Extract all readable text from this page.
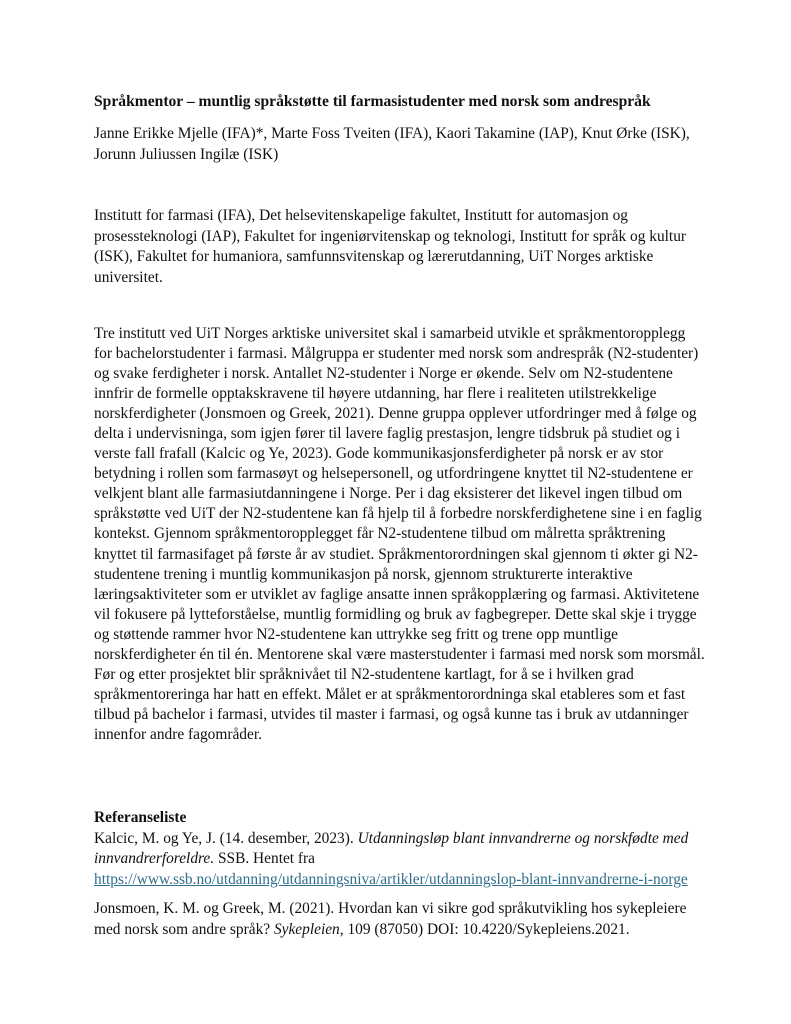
Språkmentor – muntlig språkstøtte til farmasistudenter med norsk som andrespråk
Janne Erikke Mjelle (IFA)*, Marte Foss Tveiten (IFA), Kaori Takamine (IAP), Knut Ørke (ISK), Jorunn Juliussen Ingilæ (ISK)
Institutt for farmasi (IFA), Det helsevitenskapelige fakultet, Institutt for automasjon og prosessteknologi (IAP), Fakultet for ingeniørvitenskap og teknologi, Institutt for språk og kultur (ISK), Fakultet for humaniora, samfunnsvitenskap og lærerutdanning, UiT Norges arktiske universitet.
Tre institutt ved UiT Norges arktiske universitet skal i samarbeid utvikle et språkmentoropplegg for bachelorstudenter i farmasi. Målgruppa er studenter med norsk som andrespråk (N2-studenter) og svake ferdigheter i norsk. Antallet N2-studenter i Norge er økende. Selv om N2-studentene innfrir de formelle opptakskravene til høyere utdanning, har flere i realiteten utilstrekkelige norskferdigheter (Jonsmoen og Greek, 2021). Denne gruppa opplever utfordringer med å følge og delta i undervisninga, som igjen fører til lavere faglig prestasjon, lengre tidsbruk på studiet og i verste fall frafall (Kalcic og Ye, 2023). Gode kommunikasjonsferdigheter på norsk er av stor betydning i rollen som farmasøyt og helsepersonell, og utfordringene knyttet til N2-studentene er velkjent blant alle farmasiutdanningene i Norge. Per i dag eksisterer det likevel ingen tilbud om språkstøtte ved UiT der N2-studentene kan få hjelp til å forbedre norskferdighetene sine i en faglig kontekst. Gjennom språkmentoropplegget får N2-studentene tilbud om målretta språktrening knyttet til farmasifaget på første år av studiet. Språkmentorordningen skal gjennom ti økter gi N2-studentene trening i muntlig kommunikasjon på norsk, gjennom strukturerte interaktive læringsaktiviteter som er utviklet av faglige ansatte innen språkopplæring og farmasi. Aktivitetene vil fokusere på lytteforståelse, muntlig formidling og bruk av fagbegreper. Dette skal skje i trygge og støttende rammer hvor N2-studentene kan uttrykke seg fritt og trene opp muntlige norskferdigheter én til én. Mentorene skal være masterstudenter i farmasi med norsk som morsmål. Før og etter prosjektet blir språknivået til N2-studentene kartlagt, for å se i hvilken grad språkmentoreringa har hatt en effekt. Målet er at språkmentorordninga skal etableres som et fast tilbud på bachelor i farmasi, utvides til master i farmasi, og også kunne tas i bruk av utdanninger innenfor andre fagområder.
Referanseliste
Kalcic, M. og Ye, J. (14. desember, 2023). Utdanningsløp blant innvandrerne og norskfødte med innvandrerforeldre. SSB. Hentet fra
https://www.ssb.no/utdanning/utdanningsniva/artikler/utdanningslop-blant-innvandrerne-i-norge
Jonsmoen, K. M. og Greek, M. (2021). Hvordan kan vi sikre god språkutvikling hos sykepleiere med norsk som andre språk? Sykepleien, 109 (87050) DOI: 10.4220/Sykepleiens.2021.
